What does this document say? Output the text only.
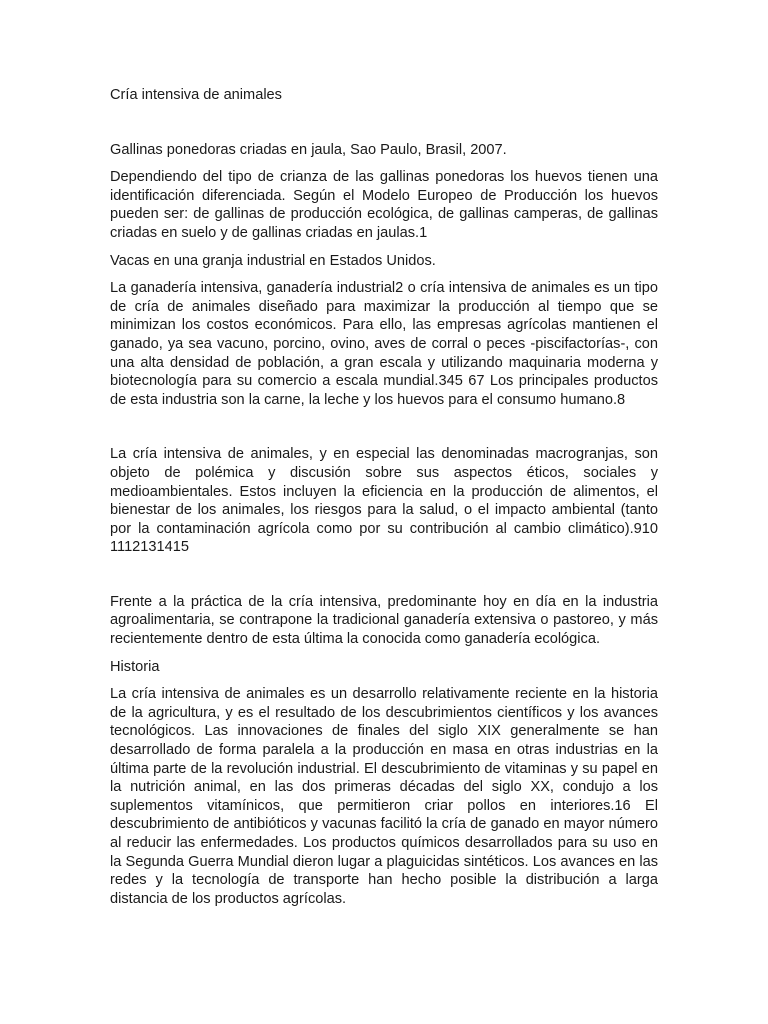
Cría intensiva de animales

Gallinas ponedoras criadas en jaula, Sao Paulo, Brasil, 2007.

Dependiendo del tipo de crianza de las gallinas ponedoras los huevos tienen una identificación diferenciada. Según el Modelo Europeo de Producción los huevos pueden ser: de gallinas de producción ecológica, de gallinas camperas, de gallinas criadas en suelo y de gallinas criadas en jaulas.1

Vacas en una granja industrial en Estados Unidos.

La ganadería intensiva, ganadería industrial2 o cría intensiva de animales es un tipo de cría de animales diseñado para maximizar la producción al tiempo que se minimizan los costos económicos. Para ello, las empresas agrícolas mantienen el ganado, ya sea vacuno, porcino, ovino, aves de corral o peces -piscifactorías-, con una alta densidad de población, a gran escala y utilizando maquinaria moderna y biotecnología para su comercio a escala mundial.345 67 Los principales productos de esta industria son la carne, la leche y los huevos para el consumo humano.8

La cría intensiva de animales, y en especial las denominadas macrogranjas, son objeto de polémica y discusión sobre sus aspectos éticos, sociales y medioambientales. Estos incluyen la eficiencia en la producción de alimentos, el bienestar de los animales, los riesgos para la salud, o el impacto ambiental (tanto por la contaminación agrícola como por su contribución al cambio climático).910 1112131415

Frente a la práctica de la cría intensiva, predominante hoy en día en la industria agroalimentaria, se contrapone la tradicional ganadería extensiva o pastoreo, y más recientemente dentro de esta última la conocida como ganadería ecológica.

Historia

La cría intensiva de animales es un desarrollo relativamente reciente en la historia de la agricultura, y es el resultado de los descubrimientos científicos y los avances tecnológicos. Las innovaciones de finales del siglo XIX generalmente se han desarrollado de forma paralela a la producción en masa en otras industrias en la última parte de la revolución industrial. El descubrimiento de vitaminas y su papel en la nutrición animal, en las dos primeras décadas del siglo XX, condujo a los suplementos vitamínicos, que permitieron criar pollos en interiores.16 El descubrimiento de antibióticos y vacunas facilitó la cría de ganado en mayor número al reducir las enfermedades. Los productos químicos desarrollados para su uso en la Segunda Guerra Mundial dieron lugar a plaguicidas sintéticos. Los avances en las redes y la tecnología de transporte han hecho posible la distribución a larga distancia de los productos agrícolas.
